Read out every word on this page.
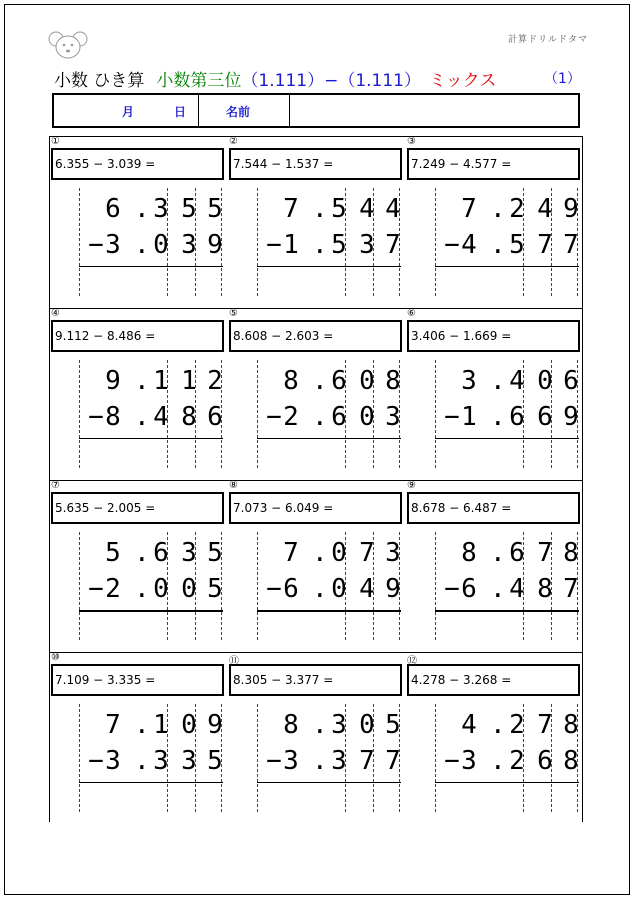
計算ドリルドタマ
小数 ひき算 小数第三位（1.111）−（1.111） ミックス	（1）
月	日	名前
①
6.355 − 3.039 =
6 . 3 5 5
3 . 0 3 9
−
②
7.544 − 1.537 =
7 . 5 4 4
1 . 5 3 7
−
③
7.249 − 4.577 =
7 . 2 4 9
4 . 5 7 7
−
④
9.112 − 8.486 =
9 . 1 1 2
8 . 4 8 6
−
⑤
8.608 − 2.603 =
8 . 6 0 8
2 . 6 0 3
−
⑥
3.406 − 1.669 =
3 . 4 0 6
1 . 6 6 9
−
⑦
5.635 − 2.005 =
5 . 6 3 5
2 . 0 0 5
−
⑧
7.073 − 6.049 =
7 . 0 7 3
6 . 0 4 9
−
⑨
8.678 − 6.487 =
8 . 6 7 8
6 . 4 8 7
−
⑩
7.109 − 3.335 =
7 . 1 0 9
3 . 3 3 5
−
⑪
8.305 − 3.377 =
8 . 3 0 5
3 . 3 7 7
−
⑫
4.278 − 3.268 =
4 . 2 7 8
3 . 2 6 8
−
